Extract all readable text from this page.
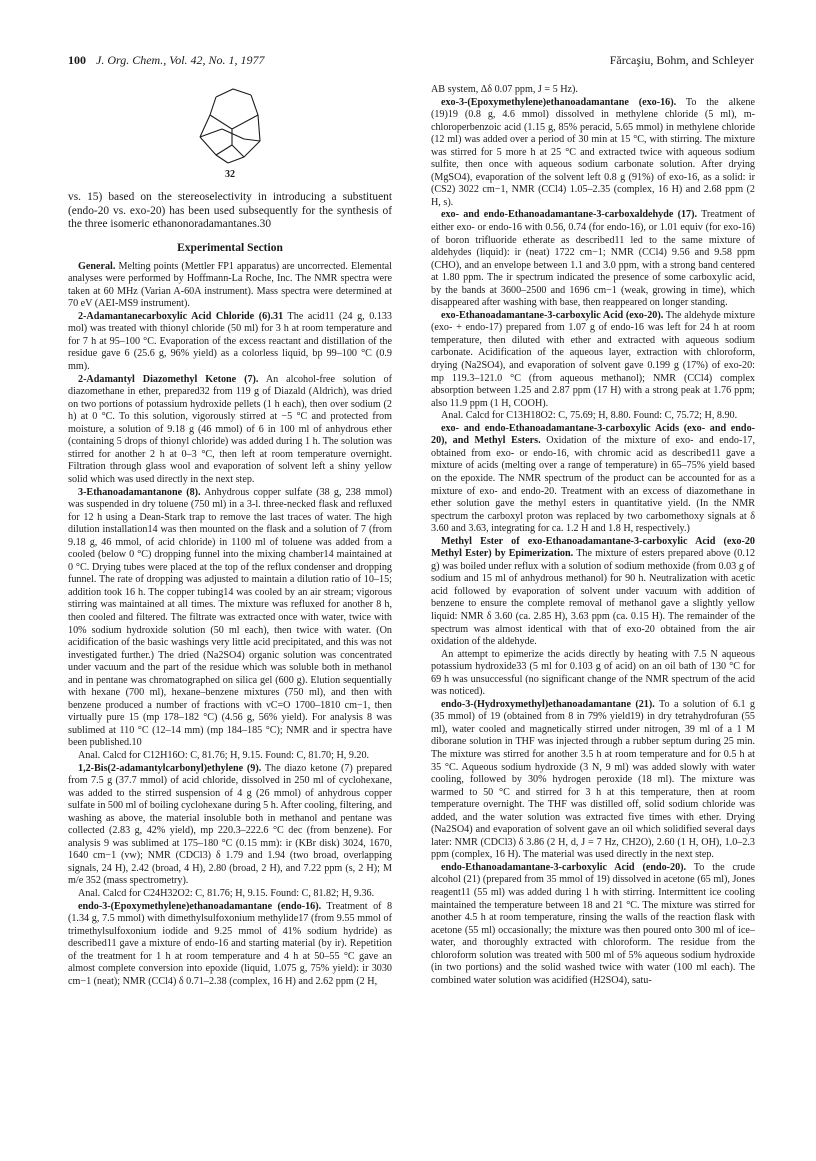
100 J. Org. Chem., Vol. 42, No. 1, 1977	Fărcaşiu, Bohm, and Schleyer
32

vs. 15) based on the stereoselectivity in introducing a substituent (endo-20 vs. exo-20) has been used subsequently for the synthesis of the three isomeric ethanonoradamantanes.30

Experimental Section

General. Melting points (Mettler FP1 apparatus) are uncorrected. Elemental analyses were performed by Hoffmann-La Roche, Inc. The NMR spectra were taken at 60 MHz (Varian A-60A instrument). Mass spectra were determined at 70 eV (AEI-MS9 instrument).

2-Adamantanecarboxylic Acid Chloride (6).31 The acid11 (24 g, 0.133 mol) was treated with thionyl chloride (50 ml) for 3 h at room temperature and for 7 h at 95–100 °C. Evaporation of the excess reactant and distillation of the residue gave 6 (25.6 g, 96% yield) as a colorless liquid, bp 99–100 °C (0.9 mm).

2-Adamantyl Diazomethyl Ketone (7). An alcohol-free solution of diazomethane in ether, prepared32 from 119 g of Diazald (Aldrich), was dried on two portions of potassium hydroxide pellets (1 h each), then over sodium (2 h) at 0 °C. To this solution, vigorously stirred at −5 °C and protected from moisture, a solution of 9.18 g (46 mmol) of 6 in 100 ml of anhydrous ether (containing 5 drops of thionyl chloride) was added during 1 h. The solution was stirred for another 2 h at 0–3 °C, then left at room temperature overnight. Filtration through glass wool and evaporation of solvent left a shiny yellow solid which was used directly in the next step.

3-Ethanoadamantanone (8). Anhydrous copper sulfate (38 g, 238 mmol) was suspended in dry toluene (750 ml) in a 3-l. three-necked flask and refluxed for 12 h using a Dean-Stark trap to remove the last traces of water. The high dilution installation14 was then mounted on the flask and a solution of 7 (from 9.18 g, 46 mmol, of acid chloride) in 1100 ml of toluene was added from a cooled (below 0 °C) dropping funnel into the mixing chamber14 maintained at 0 °C. Drying tubes were placed at the top of the reflux condenser and dropping funnel. The rate of dropping was adjusted to maintain a dilution ratio of 10–15; addition took 16 h. The copper tubing14 was cooled by an air stream; vigorous stirring was maintained at all times. The mixture was refluxed for another 8 h, then cooled and filtered. The filtrate was extracted once with water, twice with 10% sodium hydroxide solution (50 ml each), then twice with water. (On acidification of the basic washings very little acid precipitated, and this was not investigated further.) The dried (Na2SO4) organic solution was concentrated under vacuum and the part of the residue which was soluble both in methanol and in pentane was chromatographed on silica gel (600 g). Elution sequentially with hexane (700 ml), hexane–benzene mixtures (750 ml), and then with benzene produced a number of fractions with νC=O 1700–1810 cm−1, then virtually pure 15 (mp 178–182 °C) (4.56 g, 56% yield). For analysis 8 was sublimed at 110 °C (12–14 mm) (mp 184–185 °C); NMR and ir spectra have been published.10

Anal. Calcd for C12H16O: C, 81.76; H, 9.15. Found: C, 81.70; H, 9.20.

1,2-Bis(2-adamantylcarbonyl)ethylene (9). The diazo ketone (7) prepared from 7.5 g (37.7 mmol) of acid chloride, dissolved in 250 ml of cyclohexane, was added to the stirred suspension of 4 g (26 mmol) of anhydrous copper sulfate in 500 ml of boiling cyclohexane during 5 h. After cooling, filtering, and washing as above, the material insoluble both in methanol and pentane was collected (2.83 g, 42% yield), mp 220.3–222.6 °C dec (from benzene). For analysis 9 was sublimed at 175–180 °C (0.15 mm): ir (KBr disk) 3024, 1670, 1640 cm−1 (vw); NMR (CDCl3) δ 1.79 and 1.94 (two broad, overlapping signals, 24 H), 2.42 (broad, 4 H), 2.80 (broad, 2 H), and 7.22 ppm (s, 2 H); M m/e 352 (mass spectrometry).

Anal. Calcd for C24H32O2: C, 81.76; H, 9.15. Found: C, 81.82; H, 9.36.

endo-3-(Epoxymethylene)ethanoadamantane (endo-16). Treatment of 8 (1.34 g, 7.5 mmol) with dimethylsulfoxonium methylide17 (from 9.55 mmol of trimethylsulfoxonium iodide and 9.25 mmol of 41% sodium hydride) as described11 gave a mixture of endo-16 and starting material (by ir). Repetition of the treatment for 1 h at room temperature and 4 h at 50–55 °C gave an almost complete conversion into epoxide (liquid, 1.075 g, 75% yield): ir 3030 cm−1 (neat); NMR (CCl4) δ 0.71–2.38 (complex, 16 H) and 2.62 ppm (2 H,

AB system, Δδ 0.07 ppm, J = 5 Hz).

exo-3-(Epoxymethylene)ethanoadamantane (exo-16). To the alkene (19)19 (0.8 g, 4.6 mmol) dissolved in methylene chloride (5 ml), m-chloroperbenzoic acid (1.15 g, 85% peracid, 5.65 mmol) in methylene chloride (12 ml) was added over a period of 30 min at 15 °C, with stirring. The mixture was stirred for 5 more h at 25 °C and extracted twice with aqueous sodium sulfite, then once with aqueous sodium carbonate solution. After drying (MgSO4), evaporation of the solvent left 0.8 g (91%) of exo-16, as a solid: ir (CS2) 3022 cm−1, NMR (CCl4) 1.05–2.35 (complex, 16 H) and 2.68 ppm (2 H, s).

exo- and endo-Ethanoadamantane-3-carboxaldehyde (17). Treatment of either exo- or endo-16 with 0.56, 0.74 (for endo-16), or 1.01 equiv (for exo-16) of boron trifluoride etherate as described11 led to the same mixture of aldehydes (liquid): ir (neat) 1722 cm−1; NMR (CCl4) 9.56 and 9.58 ppm (CHO), and an envelope between 1.1 and 3.0 ppm, with a strong band centered at 1.80 ppm. The ir spectrum indicated the presence of some carboxylic acid, by the bands at 3600–2500 and 1696 cm−1 (weak, growing in time), which disappeared after washing with base, then reappeared on longer standing.

exo-Ethanoadamantane-3-carboxylic Acid (exo-20). The aldehyde mixture (exo- + endo-17) prepared from 1.07 g of endo-16 was left for 24 h at room temperature, then diluted with ether and extracted with aqueous sodium carbonate. Acidification of the aqueous layer, extraction with chloroform, drying (Na2SO4), and evaporation of solvent gave 0.199 g (17%) of exo-20: mp 119.3–121.0 °C (from aqueous methanol); NMR (CCl4) complex absorption between 1.25 and 2.87 ppm (17 H) with a strong peak at 1.76 ppm; also 11.9 ppm (1 H, COOH).

Anal. Calcd for C13H18O2: C, 75.69; H, 8.80. Found: C, 75.72; H, 8.90.

exo- and endo-Ethanoadamantane-3-carboxylic Acids (exo- and endo-20), and Methyl Esters. Oxidation of the mixture of exo- and endo-17, obtained from exo- or endo-16, with chromic acid as described11 gave a mixture of acids (melting over a range of temperature) in 65–75% yield based on the epoxide. The NMR spectrum of the product can be accounted for as a mixture of exo- and endo-20. Treatment with an excess of diazomethane in ether solution gave the methyl esters in quantitative yield. (In the NMR spectrum the carboxyl proton was replaced by two carbomethoxy signals at δ 3.60 and 3.63, integrating for ca. 1.2 H and 1.8 H, respectively.)

Methyl Ester of exo-Ethanoadamantane-3-carboxylic Acid (exo-20 Methyl Ester) by Epimerization. The mixture of esters prepared above (0.12 g) was boiled under reflux with a solution of sodium methoxide (from 0.03 g of sodium and 15 ml of anhydrous methanol) for 90 h. Neutralization with acetic acid followed by evaporation of solvent under vacuum with addition of benzene to ensure the complete removal of methanol gave a slightly yellow liquid: NMR δ 3.60 (ca. 2.85 H), 3.63 ppm (ca. 0.15 H). The remainder of the spectrum was almost identical with that of exo-20 obtained from the air oxidation of the aldehyde.

An attempt to epimerize the acids directly by heating with 7.5 N aqueous potassium hydroxide33 (5 ml for 0.103 g of acid) on an oil bath of 130 °C for 69 h was unsuccessful (no significant change of the NMR spectrum of the acid was noticed).

endo-3-(Hydroxymethyl)ethanoadamantane (21). To a solution of 6.1 g (35 mmol) of 19 (obtained from 8 in 79% yield19) in dry tetrahydrofuran (55 ml), water cooled and magnetically stirred under nitrogen, 39 ml of a 1 M diborane solution in THF was injected through a rubber septum during 25 min. The mixture was stirred for another 3.5 h at room temperature and for 0.5 h at 35 °C. Aqueous sodium hydroxide (3 N, 9 ml) was added slowly with water cooling, followed by 30% hydrogen peroxide (18 ml). The mixture was warmed to 50 °C and stirred for 3 h at this temperature, then at room temperature overnight. The THF was distilled off, solid sodium chloride was added, and the water solution was extracted five times with ether. Drying (Na2SO4) and evaporation of solvent gave an oil which solidified several days later: NMR (CDCl3) δ 3.86 (2 H, d, J = 7 Hz, CH2O), 2.60 (1 H, OH), 1.0–2.3 ppm (complex, 16 H). The material was used directly in the next step.

endo-Ethanoadamantane-3-carboxylic Acid (endo-20). To the crude alcohol (21) (prepared from 35 mmol of 19) dissolved in acetone (65 ml), Jones reagent11 (55 ml) was added during 1 h with stirring. Intermittent ice cooling maintained the temperature between 18 and 21 °C. The mixture was stirred for another 4.5 h at room temperature, rinsing the walls of the reaction flask with acetone (55 ml) occasionally; the mixture was then poured onto 300 ml of ice–water, and thoroughly extracted with chloroform. The residue from the chloroform solution was treated with 500 ml of 5% aqueous sodium hydroxide (in two portions) and the solid washed twice with water (100 ml each). The combined water solution was acidified (H2SO4), satu-
